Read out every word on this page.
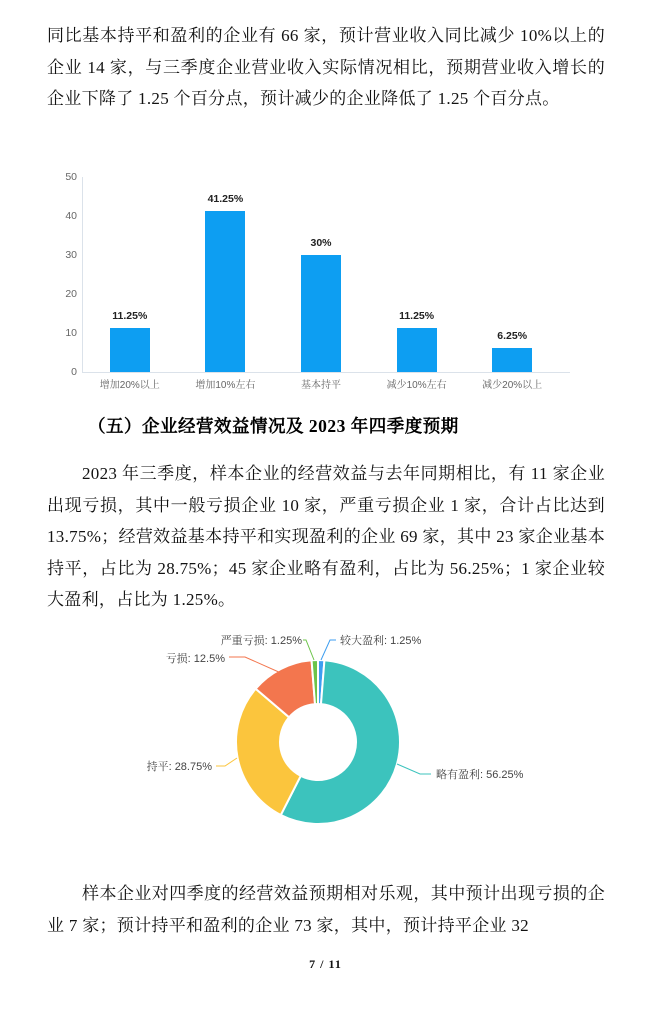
同比基本持平和盈利的企业有 66 家，预计营业收入同比减少 10%以上的企业 14 家，与三季度企业营业收入实际情况相比，预期营业收入增长的企业下降了 1.25 个百分点，预计减少的企业降低了 1.25 个百分点。

0
10
20
30
40
50
11.25%
增加20%以上
41.25%
增加10%左右
30%
基本持平
11.25%
减少10%左右
6.25%
减少20%以上
（五）企业经营效益情况及 2023 年四季度预期

2023 年三季度，样本企业的经营效益与去年同期相比，有 11 家企业出现亏损，其中一般亏损企业 10 家，严重亏损企业 1 家，合计占比达到 13.75%；经营效益基本持平和实现盈利的企业 69 家，其中 23 家企业基本持平，占比为 28.75%；45 家企业略有盈利，占比为 56.25%；1 家企业较大盈利，占比为 1.25%。

较大盈利: 1.25%
略有盈利: 56.25%
持平: 28.75%
亏损: 12.5%
严重亏损: 1.25%

样本企业对四季度的经营效益预期相对乐观，其中预计出现亏损的企业 7 家；预计持平和盈利的企业 73 家，其中，预计持平企业 32

7 / 11
